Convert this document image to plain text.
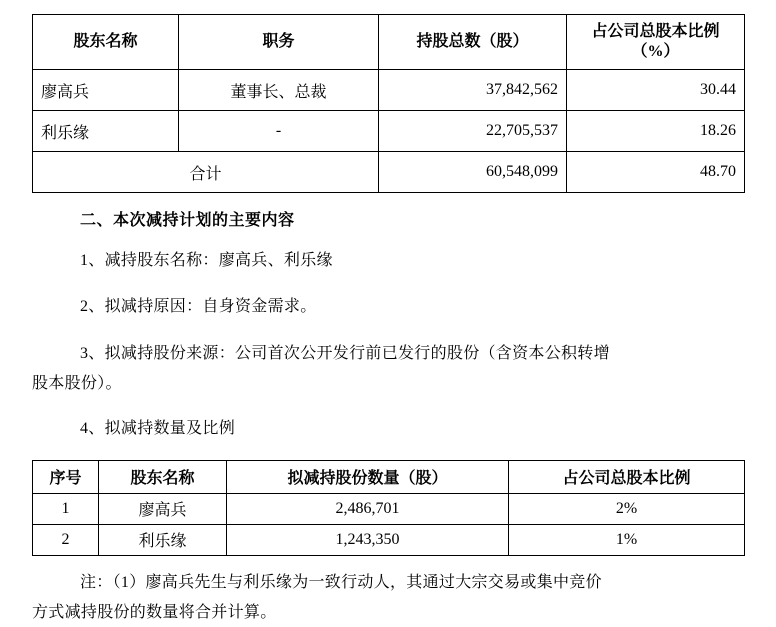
股东名称	职务	持股总数（股）	占公司总股本比例（%）
廖高兵	董事长、总裁	37,842,562	30.44
利乐缘	-	22,705,537	18.26
合计		60,548,099	48.70

二、本次减持计划的主要内容

1、减持股东名称：廖高兵、利乐缘

2、拟减持原因：自身资金需求。

3、拟减持股份来源：公司首次公开发行前已发行的股份（含资本公积转增

股本股份）。

4、拟减持数量及比例

序号	股东名称	拟减持股份数量（股）	占公司总股本比例
1	廖高兵	2,486,701	2%
2	利乐缘	1,243,350	1%

注：（1）廖高兵先生与利乐缘为一致行动人，其通过大宗交易或集中竞价

方式减持股份的数量将合并计算。
